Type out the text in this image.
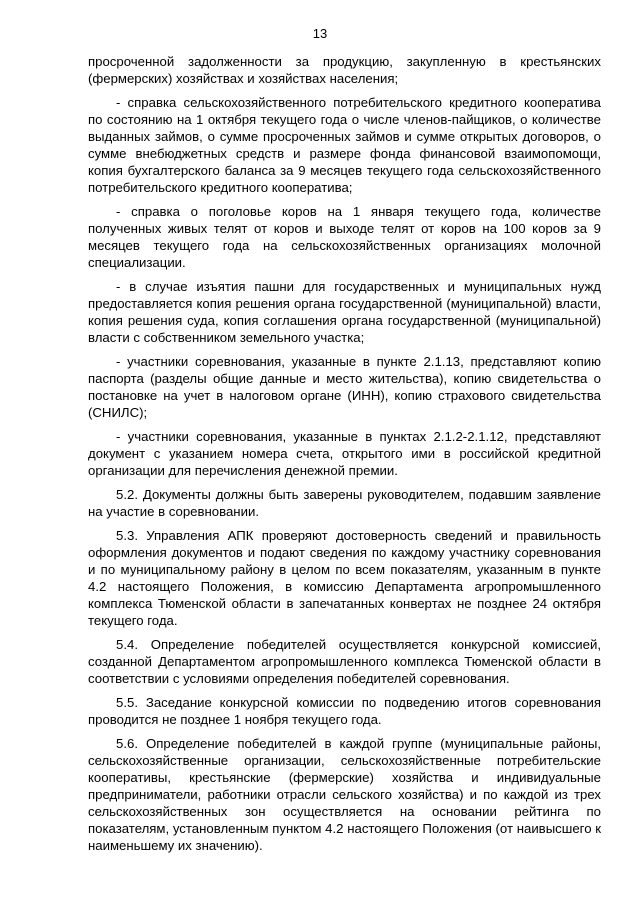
13

просроченной задолженности за продукцию, закупленную в крестьянских (фермерских) хозяйствах и хозяйствах населения;

- справка сельскохозяйственного потребительского кредитного кооператива по состоянию на 1 октября текущего года о числе членов-пайщиков, о количестве выданных займов, о сумме просроченных займов и сумме открытых договоров, о сумме внебюджетных средств и размере фонда финансовой взаимопомощи, копия бухгалтерского баланса за 9 месяцев текущего года сельскохозяйственного потребительского кредитного кооператива;

- справка о поголовье коров на 1 января текущего года, количестве полученных живых телят от коров и выходе телят от коров на 100 коров за 9 месяцев текущего года на сельскохозяйственных организациях молочной специализации.

- в случае изъятия пашни для государственных и муниципальных нужд предоставляется копия решения органа государственной (муниципальной) власти, копия решения суда, копия соглашения органа государственной (муниципальной) власти с собственником земельного участка;

- участники соревнования, указанные в пункте 2.1.13, представляют копию паспорта (разделы общие данные и место жительства), копию свидетельства о постановке на учет в налоговом органе (ИНН), копию страхового свидетельства (СНИЛС);

- участники соревнования, указанные в пунктах 2.1.2-2.1.12, представляют документ с указанием номера счета, открытого ими в российской кредитной организации для перечисления денежной премии.

5.2. Документы должны быть заверены руководителем, подавшим заявление на участие в соревновании.

5.3. Управления АПК проверяют достоверность сведений и правильность оформления документов и подают сведения по каждому участнику соревнования и по муниципальному району в целом по всем показателям, указанным в пункте 4.2 настоящего Положения, в комиссию Департамента агропромышленного комплекса Тюменской области в запечатанных конвертах не позднее 24 октября текущего года.

5.4. Определение победителей осуществляется конкурсной комиссией, созданной Департаментом агропромышленного комплекса Тюменской области в соответствии с условиями определения победителей соревнования.

5.5. Заседание конкурсной комиссии по подведению итогов соревнования проводится не позднее 1 ноября текущего года.

5.6. Определение победителей в каждой группе (муниципальные районы, сельскохозяйственные организации, сельскохозяйственные потребительские кооперативы, крестьянские (фермерские) хозяйства и индивидуальные предприниматели, работники отрасли сельского хозяйства) и по каждой из трех сельскохозяйственных зон осуществляется на основании рейтинга по показателям, установленным пунктом 4.2 настоящего Положения (от наивысшего к наименьшему их значению).
